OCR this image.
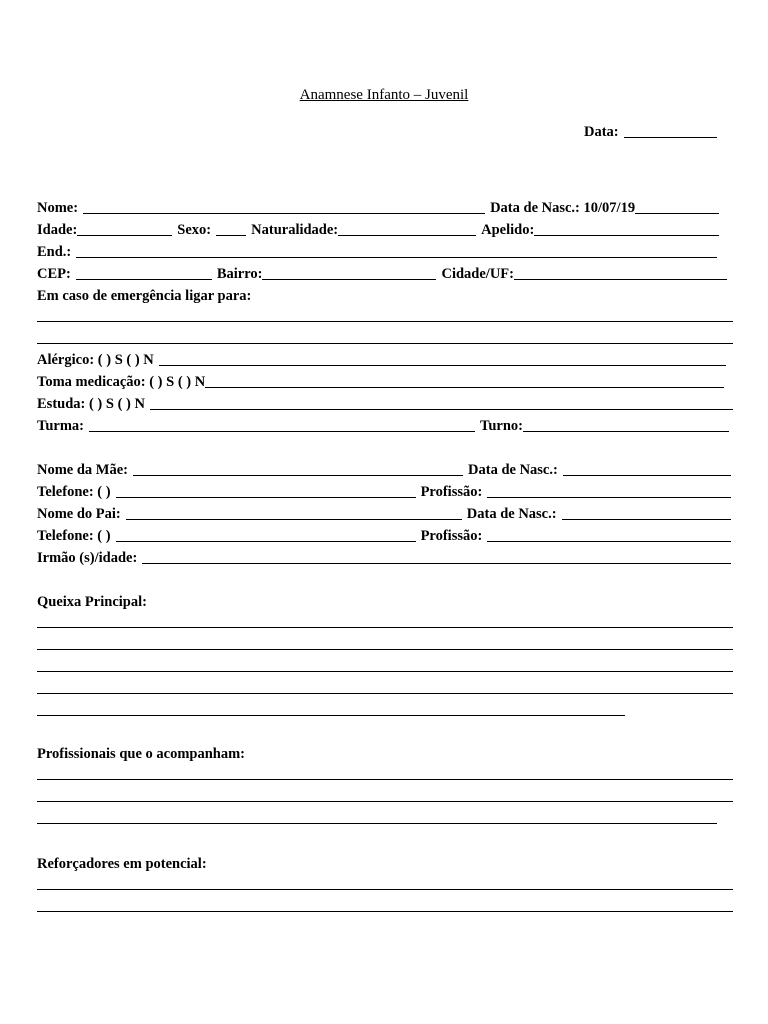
Anamnese Infanto – Juvenil
Data:
Nome:	Data de Nasc.: 10/07/19
Idade:	Sexo:	Naturalidade:	Apelido:
End.:
CEP:	Bairro:	Cidade/UF:
Em caso de emergência ligar para:
Alérgico: ( ) S ( ) N
Toma medicação: ( ) S ( ) N
Estuda: ( ) S ( ) N
Turma:	Turno:
Nome da Mãe:	Data de Nasc.:
Telefone: ( )	Profissão:
Nome do Pai:	Data de Nasc.:
Telefone: ( )	Profissão:
Irmão (s)/idade:
Queixa Principal:
Profissionais que o acompanham:
Reforçadores em potencial:
